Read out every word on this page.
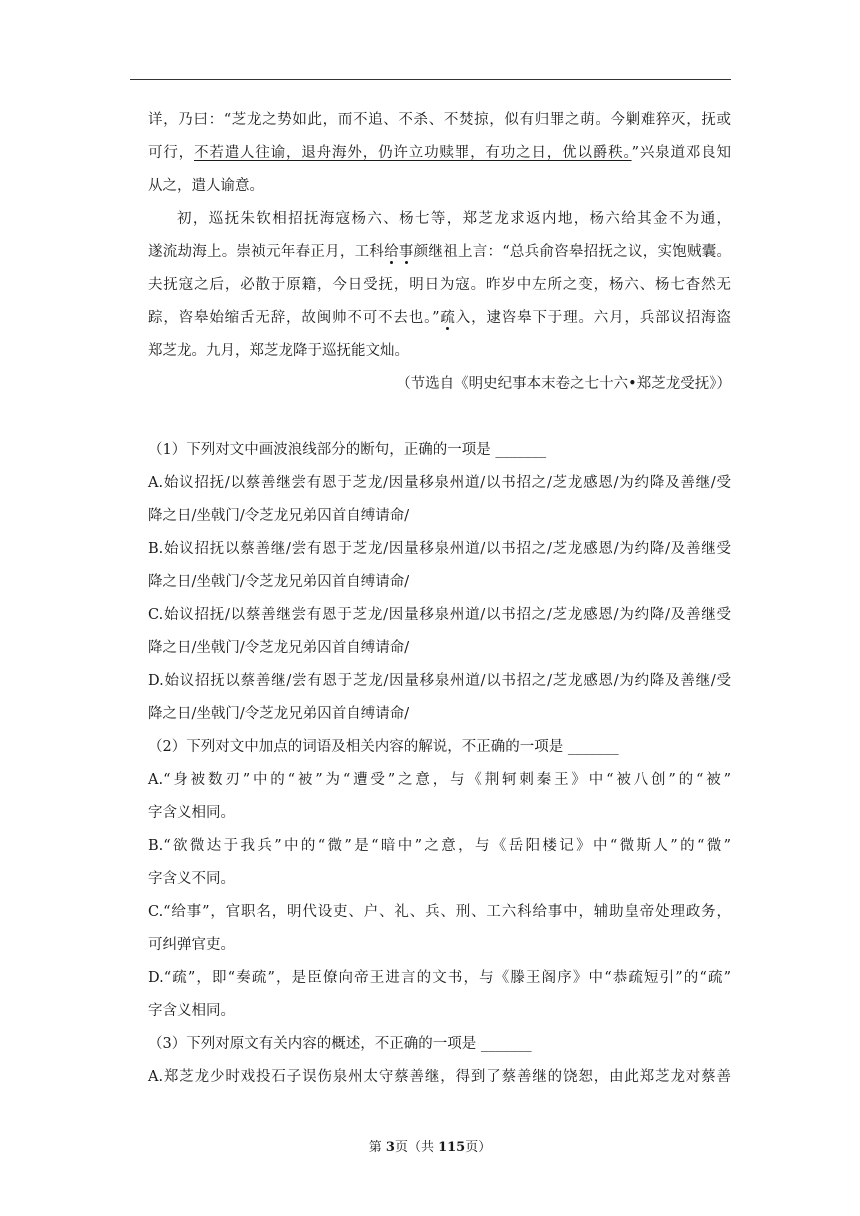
详，乃曰：“芝龙之势如此，而不追、不杀、不焚掠，似有归罪之萌。今剿难猝灭，抚或
可行，不若遣人往谕，退舟海外，仍许立功赎罪，有功之日，优以爵秩。”兴泉道邓良知
从之，遣人谕意。
初，巡抚朱钦相招抚海寇杨六、杨七等，郑芝龙求返内地，杨六给其金不为通，
遂流劫海上。崇祯元年春正月，工科给事颜继祖上言：“总兵俞咨皋招抚之议，实饱贼囊。
夫抚寇之后，必散于原籍，今日受抚，明日为寇。昨岁中左所之变，杨六、杨七杳然无
踪，咨皋始缩舌无辞，故闽帅不可不去也。”疏入，逮咨皋下于理。六月，兵部议招海盗
郑芝龙。九月，郑芝龙降于巡抚能文灿。
（节选自《明史纪事本末卷之七十六•郑芝龙受抚》）
（1）下列对文中画波浪线部分的断句，正确的一项是 _______
A.始议招抚/以蔡善继尝有恩于芝龙/因量移泉州道/以书招之/芝龙感恩/为约降及善继/受
降之日/坐戟门/令芝龙兄弟囚首自缚请命/
B.始议招抚以蔡善继/尝有恩于芝龙/因量移泉州道/以书招之/芝龙感恩/为约降/及善继受
降之日/坐戟门/令芝龙兄弟囚首自缚请命/
C.始议招抚/以蔡善继尝有恩于芝龙/因量移泉州道/以书招之/芝龙感恩/为约降/及善继受
降之日/坐戟门/令芝龙兄弟囚首自缚请命/
D.始议招抚以蔡善继/尝有恩于芝龙/因量移泉州道/以书招之/芝龙感恩/为约降及善继/受
降之日/坐戟门/令芝龙兄弟囚首自缚请命/
（2）下列对文中加点的词语及相关内容的解说，不正确的一项是 _______
A.“身被数刃”中的“被”为“遭受”之意，与《荆轲刺秦王》中“被八创”的“被”
字含义相同。
B.“欲微达于我兵”中的“微”是“暗中”之意，与《岳阳楼记》中“微斯人”的“微”
字含义不同。
C.“给事”，官职名，明代设吏、户、礼、兵、刑、工六科给事中，辅助皇帝处理政务，
可纠弹官吏。
D.“疏”，即“奏疏”，是臣僚向帝王进言的文书，与《滕王阁序》中“恭疏短引”的“疏”
字含义相同。
（3）下列对原文有关内容的概述，不正确的一项是 _______
A.郑芝龙少时戏投石子误伤泉州太守蔡善继，得到了蔡善继的饶恕，由此郑芝龙对蔡善
第 3页（共 115页）
